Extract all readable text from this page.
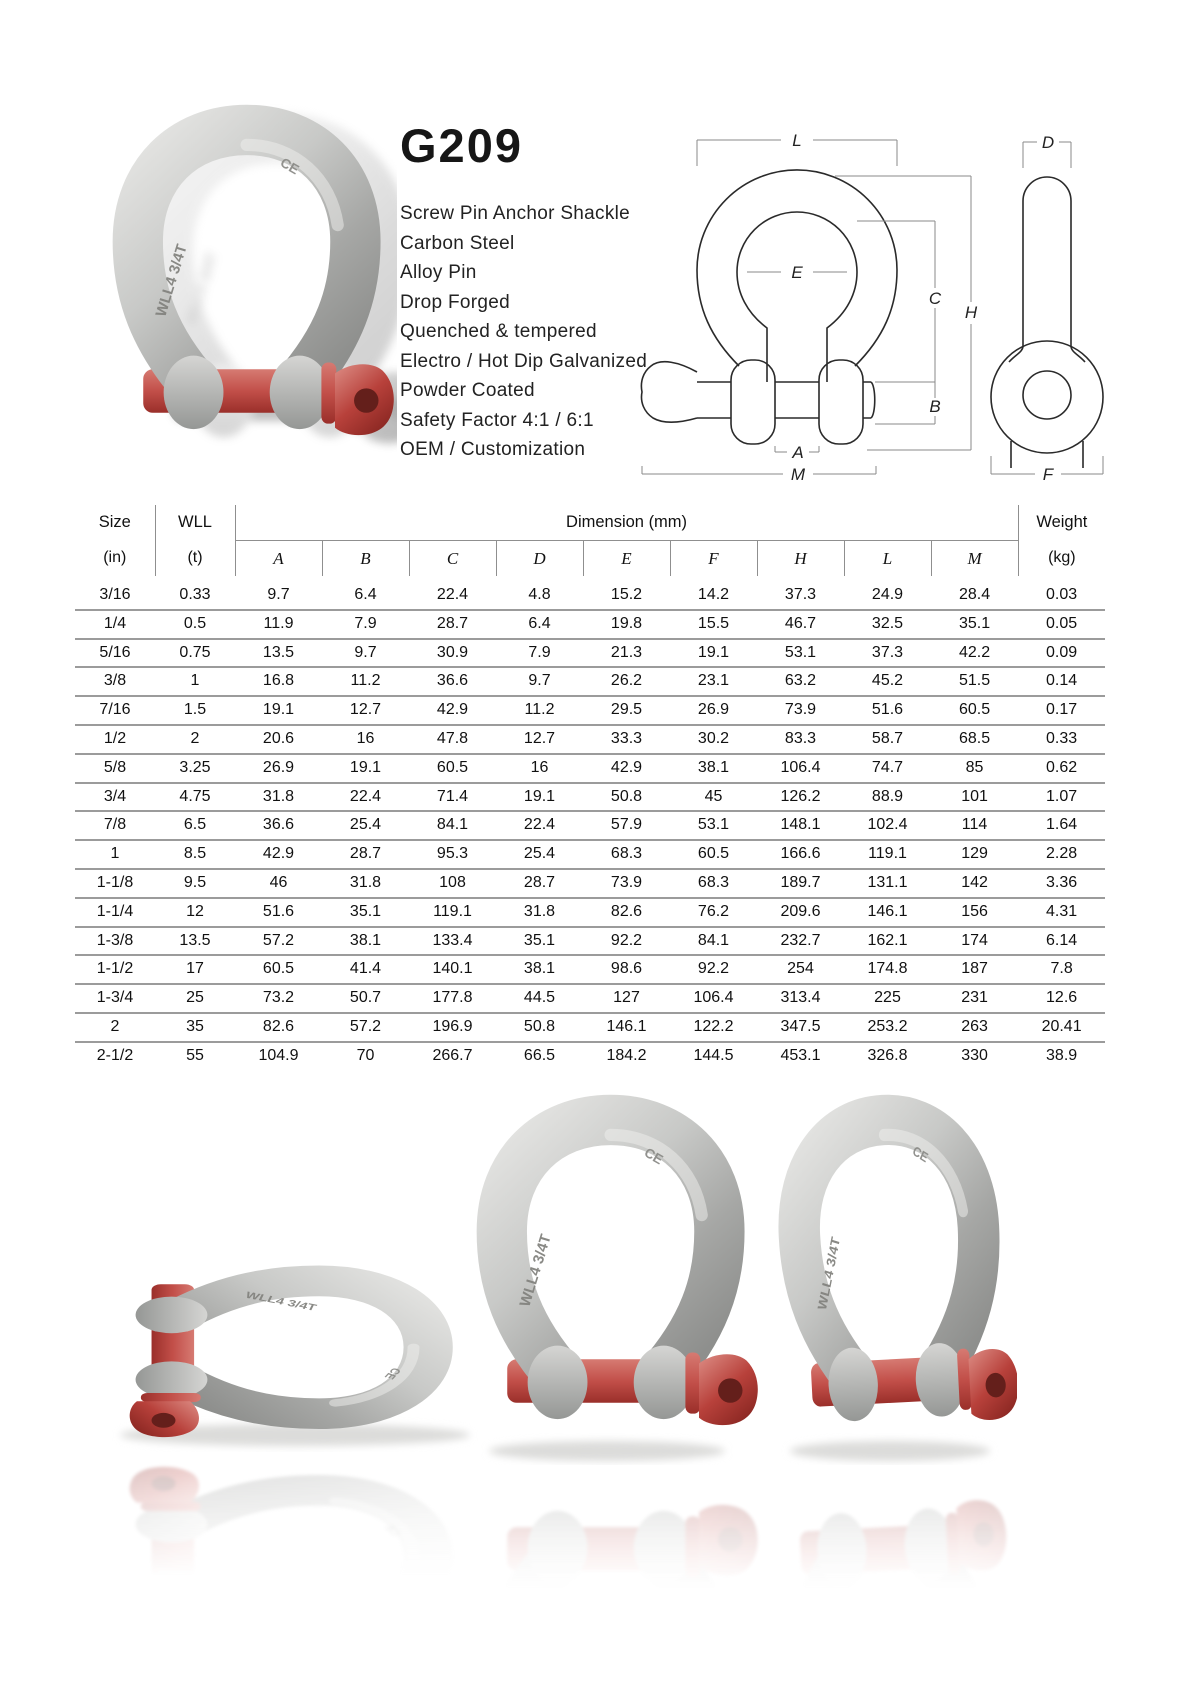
G209
Screw Pin Anchor Shackle
Carbon Steel
Alloy Pin
Drop Forged
Quenched & tempered
Electro / Hot Dip Galvanized
Powder Coated
Safety Factor 4:1 / 6:1
OEM / Customization
L
E
A
M
C
B
H
D
F
Size	WLL	Dimension (mm)									Weight
(in)	(t)	A	B	C	D	E	F	H	L	M	(kg)
3/16	0.33	9.7	6.4	22.4	4.8	15.2	14.2	37.3	24.9	28.4	0.03
1/4	0.5	11.9	7.9	28.7	6.4	19.8	15.5	46.7	32.5	35.1	0.05
5/16	0.75	13.5	9.7	30.9	7.9	21.3	19.1	53.1	37.3	42.2	0.09
3/8	1	16.8	11.2	36.6	9.7	26.2	23.1	63.2	45.2	51.5	0.14
7/16	1.5	19.1	12.7	42.9	11.2	29.5	26.9	73.9	51.6	60.5	0.17
1/2	2	20.6	16	47.8	12.7	33.3	30.2	83.3	58.7	68.5	0.33
5/8	3.25	26.9	19.1	60.5	16	42.9	38.1	106.4	74.7	85	0.62
3/4	4.75	31.8	22.4	71.4	19.1	50.8	45	126.2	88.9	101	1.07
7/8	6.5	36.6	25.4	84.1	22.4	57.9	53.1	148.1	102.4	114	1.64
1	8.5	42.9	28.7	95.3	25.4	68.3	60.5	166.6	119.1	129	2.28
1-1/8	9.5	46	31.8	108	28.7	73.9	68.3	189.7	131.1	142	3.36
1-1/4	12	51.6	35.1	119.1	31.8	82.6	76.2	209.6	146.1	156	4.31
1-3/8	13.5	57.2	38.1	133.4	35.1	92.2	84.1	232.7	162.1	174	6.14
1-1/2	17	60.5	41.4	140.1	38.1	98.6	92.2	254	174.8	187	7.8
1-3/4	25	73.2	50.7	177.8	44.5	127	106.4	313.4	225	231	12.6
2	35	82.6	57.2	196.9	50.8	146.1	122.2	347.5	253.2	263	20.41
2-1/2	55	104.9	70	266.7	66.5	184.2	144.5	453.1	326.8	330	38.9
